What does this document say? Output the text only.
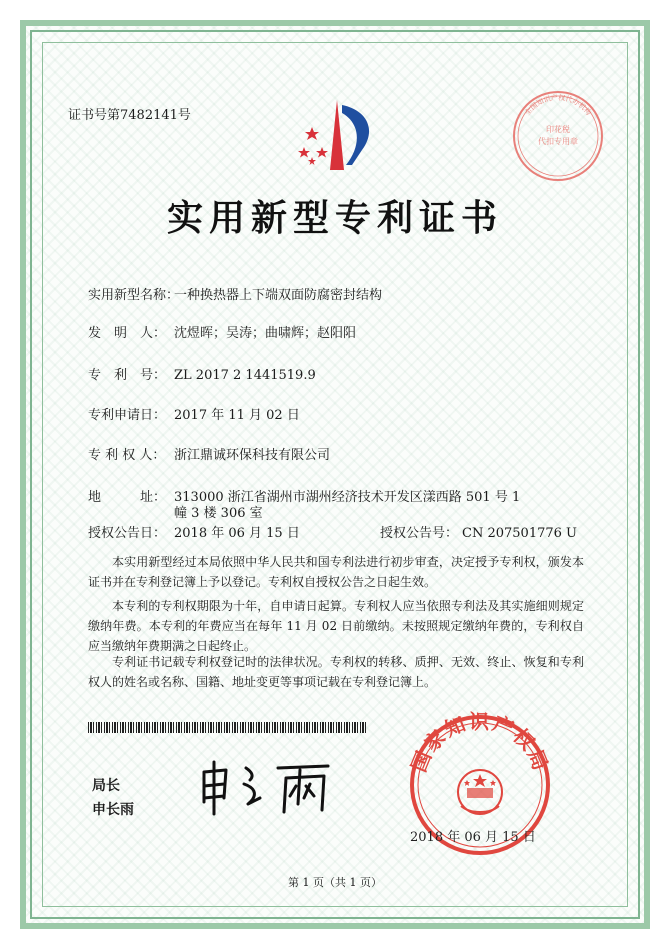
证书号第7482141号
印花税
代扣专用章
全国知识产权代办机构
实用新型专利证书
实用新型名称：一种换热器上下端双面防腐密封结构
发　明　人： 沈煜晖；吴涛；曲啸辉；赵阳阳
专　利　号： ZL 2017 2 1441519.9
专利申请日： 2017 年 11 月 02 日
专 利 权 人： 浙江鼎诚环保科技有限公司
地　　　址： 313000 浙江省湖州市湖州经济技术开发区漾西路 501 号 1
幢 3 楼 306 室
授权公告日： 2018 年 06 月 15 日	授权公告号： CN 207501776 U
本实用新型经过本局依照中华人民共和国专利法进行初步审查，决定授予专利权，颁发本证书并在专利登记簿上予以登记。专利权自授权公告之日起生效。
本专利的专利权期限为十年，自申请日起算。专利权人应当依照专利法及其实施细则规定缴纳年费。本专利的年费应当在每年 11 月 02 日前缴纳。未按照规定缴纳年费的，专利权自应当缴纳年费期满之日起终止。
专利证书记载专利权登记时的法律状况。专利权的转移、质押、无效、终止、恢复和专利权人的姓名或名称、国籍、地址变更等事项记载在专利登记簿上。
局长
申长雨
国家知识产权局
2018 年 06 月 15 日
第 1 页（共 1 页）
